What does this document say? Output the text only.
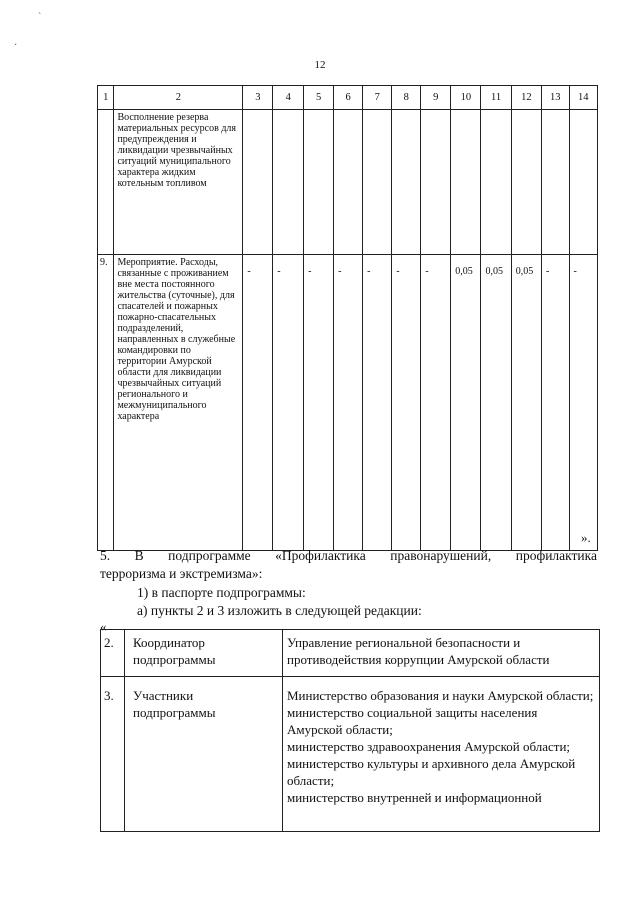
`
·
12
1	2	3	4	5	6	7	8	9	10	11	12	13	14
	Восполнение резерва материальных ресурсов для предупреждения и ликвидации чрезвычайных ситуаций муниципального характера жидким котельным топливом												
9.	Мероприятие. Расходы, связанные с проживанием вне места постоянного жительства (суточные), для спасателей и пожарных пожарно-спасательных подразделений, направленных в служебные командировки по территории Амурской области для ликвидации чрезвычайных ситуаций регионального и межмуниципального характера	-	-	-	-	-	-	-	0,05	0,05	0,05	-	-
».
5. В подпрограмме «Профилактика правонарушений, профилактика
терроризма и экстремизма»:
1) в паспорте подпрограммы:
а) пункты 2 и 3 изложить в следующей редакции:
«
2.	Координатор подпрограммы	Управление региональной безопасности и противодействия коррупции Амурской области
3.	Участники подпрограммы	Министерство образования и науки Амурской области;
министерство социальной защиты населения Амурской области;
министерство здравоохранения Амурской области;
министерство культуры и архивного дела Амурской области;
министерство внутренней и информационной
